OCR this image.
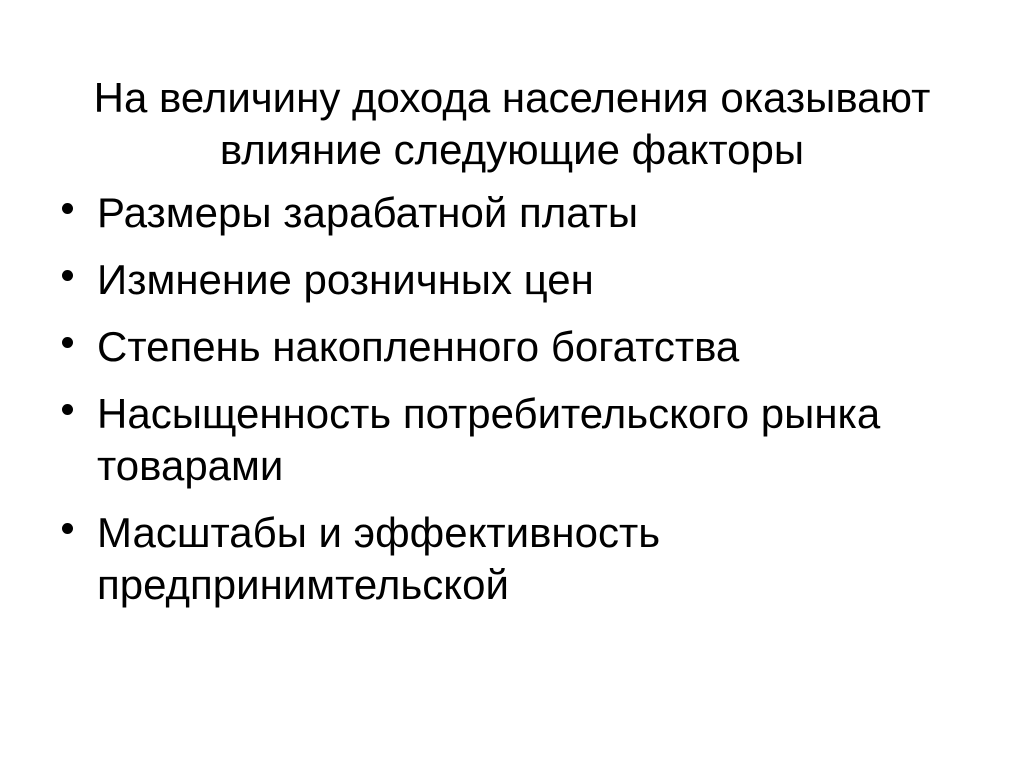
На величину дохода населения оказывают
влияние следующие факторы
Размеры зарабатной платы
Измнение розничных цен
Степень накопленного богатства
Насыщенность потребительского рынка товарами
Масштабы и эффективность предпринимтельской
